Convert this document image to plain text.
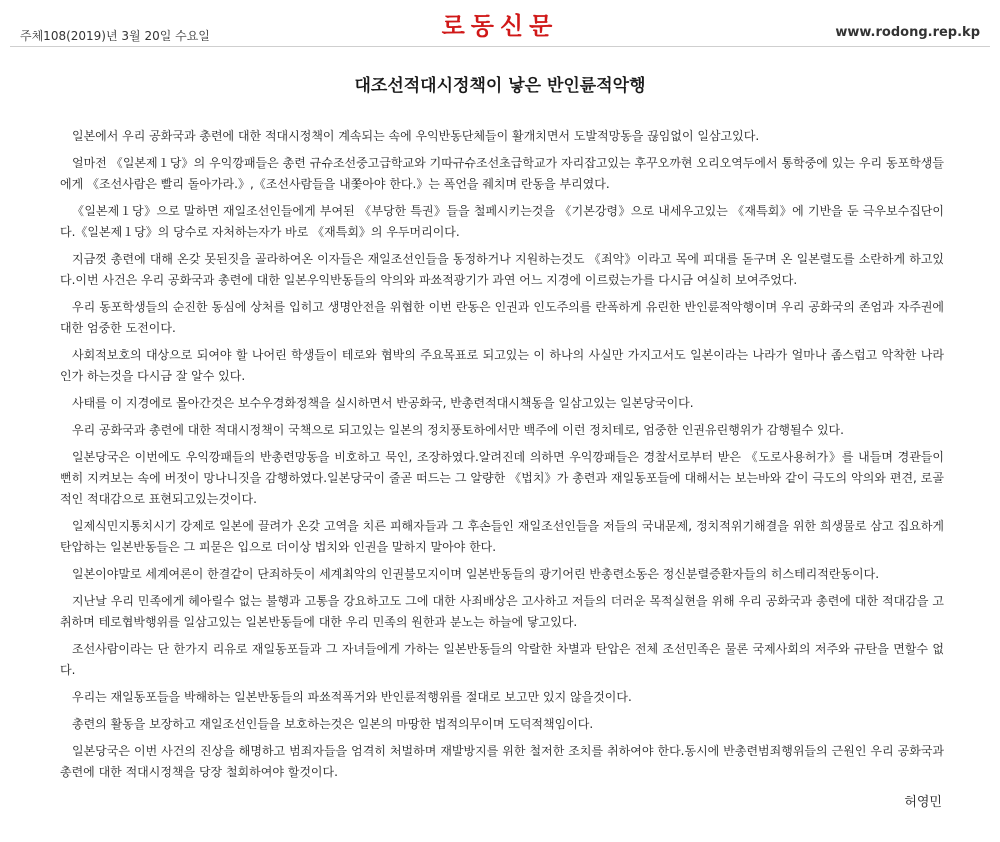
주체108(2019)년 3월 20일 수요일	로동신문	www.rodong.rep.kp
대조선적대시정책이 낳은 반인륜적악행

일본에서 우리 공화국과 총련에 대한 적대시정책이 계속되는 속에 우익반동단체들이 활개치면서 도발적망동을 끊임없이 일삼고있다.

얼마전 《일본제１당》의 우익깡패들은 총련 규슈조선중고급학교와 기따규슈조선초급학교가 자리잡고있는 후꾸오까현 오리오역두에서 통학중에 있는 우리 동포학생들에게 《조선사람은 빨리 돌아가라.》,《조선사람들을 내쫓아야 한다.》는 폭언을 줴치며 란동을 부리였다.

《일본제１당》으로 말하면 재일조선인들에게 부여된 《부당한 특권》들을 철페시키는것을 《기본강령》으로 내세우고있는 《재특회》에 기반을 둔 극우보수집단이다.《일본제１당》의 당수로 자처하는자가 바로 《재특회》의 우두머리이다.

지금껏 총련에 대해 온갖 못된짓을 골라하여온 이자들은 재일조선인들을 동정하거나 지원하는것도 《죄악》이라고 목에 피대를 돋구며 온 일본렬도를 소란하게 하고있다.이번 사건은 우리 공화국과 총련에 대한 일본우익반동들의 악의와 파쑈적광기가 과연 어느 지경에 이르렀는가를 다시금 여실히 보여주었다.

우리 동포학생들의 순진한 동심에 상처를 입히고 생명안전을 위협한 이번 란동은 인권과 인도주의를 란폭하게 유린한 반인륜적악행이며 우리 공화국의 존엄과 자주권에 대한 엄중한 도전이다.

사회적보호의 대상으로 되여야 할 나어린 학생들이 테로와 협박의 주요목표로 되고있는 이 하나의 사실만 가지고서도 일본이라는 나라가 얼마나 좀스럽고 악착한 나라인가 하는것을 다시금 잘 알수 있다.

사태를 이 지경에로 몰아간것은 보수우경화정책을 실시하면서 반공화국, 반총련적대시책동을 일삼고있는 일본당국이다.

우리 공화국과 총련에 대한 적대시정책이 국책으로 되고있는 일본의 정치풍토하에서만 백주에 이런 정치테로, 엄중한 인권유린행위가 감행될수 있다.

일본당국은 이번에도 우익깡패들의 반총련망동을 비호하고 묵인, 조장하였다.알려진데 의하면 우익깡패들은 경찰서로부터 받은 《도로사용허가》를 내들며 경관들이 뻔히 지켜보는 속에 버젓이 망나니짓을 감행하였다.일본당국이 줄곧 떠드는 그 알량한 《법치》가 총련과 재일동포들에 대해서는 보는바와 같이 극도의 악의와 편견, 로골적인 적대감으로 표현되고있는것이다.

일제식민지통치시기 강제로 일본에 끌려가 온갖 고역을 치른 피해자들과 그 후손들인 재일조선인들을 저들의 국내문제, 정치적위기해결을 위한 희생물로 삼고 집요하게 탄압하는 일본반동들은 그 피묻은 입으로 더이상 법치와 인권을 말하지 말아야 한다.

일본이야말로 세계여론이 한결같이 단죄하듯이 세계최악의 인권불모지이며 일본반동들의 광기어린 반총련소동은 정신분렬증환자들의 히스테리적란동이다.

지난날 우리 민족에게 헤아릴수 없는 불행과 고통을 강요하고도 그에 대한 사죄배상은 고사하고 저들의 더러운 목적실현을 위해 우리 공화국과 총련에 대한 적대감을 고취하며 테로협박행위를 일삼고있는 일본반동들에 대한 우리 민족의 원한과 분노는 하늘에 닿고있다.

조선사람이라는 단 한가지 리유로 재일동포들과 그 자녀들에게 가하는 일본반동들의 악랄한 차별과 탄압은 전체 조선민족은 물론 국제사회의 저주와 규탄을 면할수 없다.

우리는 재일동포들을 박해하는 일본반동들의 파쑈적폭거와 반인륜적행위를 절대로 보고만 있지 않을것이다.

총련의 활동을 보장하고 재일조선인들을 보호하는것은 일본의 마땅한 법적의무이며 도덕적책임이다.

일본당국은 이번 사건의 진상을 해명하고 범죄자들을 엄격히 처벌하며 재발방지를 위한 철저한 조치를 취하여야 한다.동시에 반총련범죄행위들의 근원인 우리 공화국과 총련에 대한 적대시정책을 당장 철회하여야 할것이다.

허영민
